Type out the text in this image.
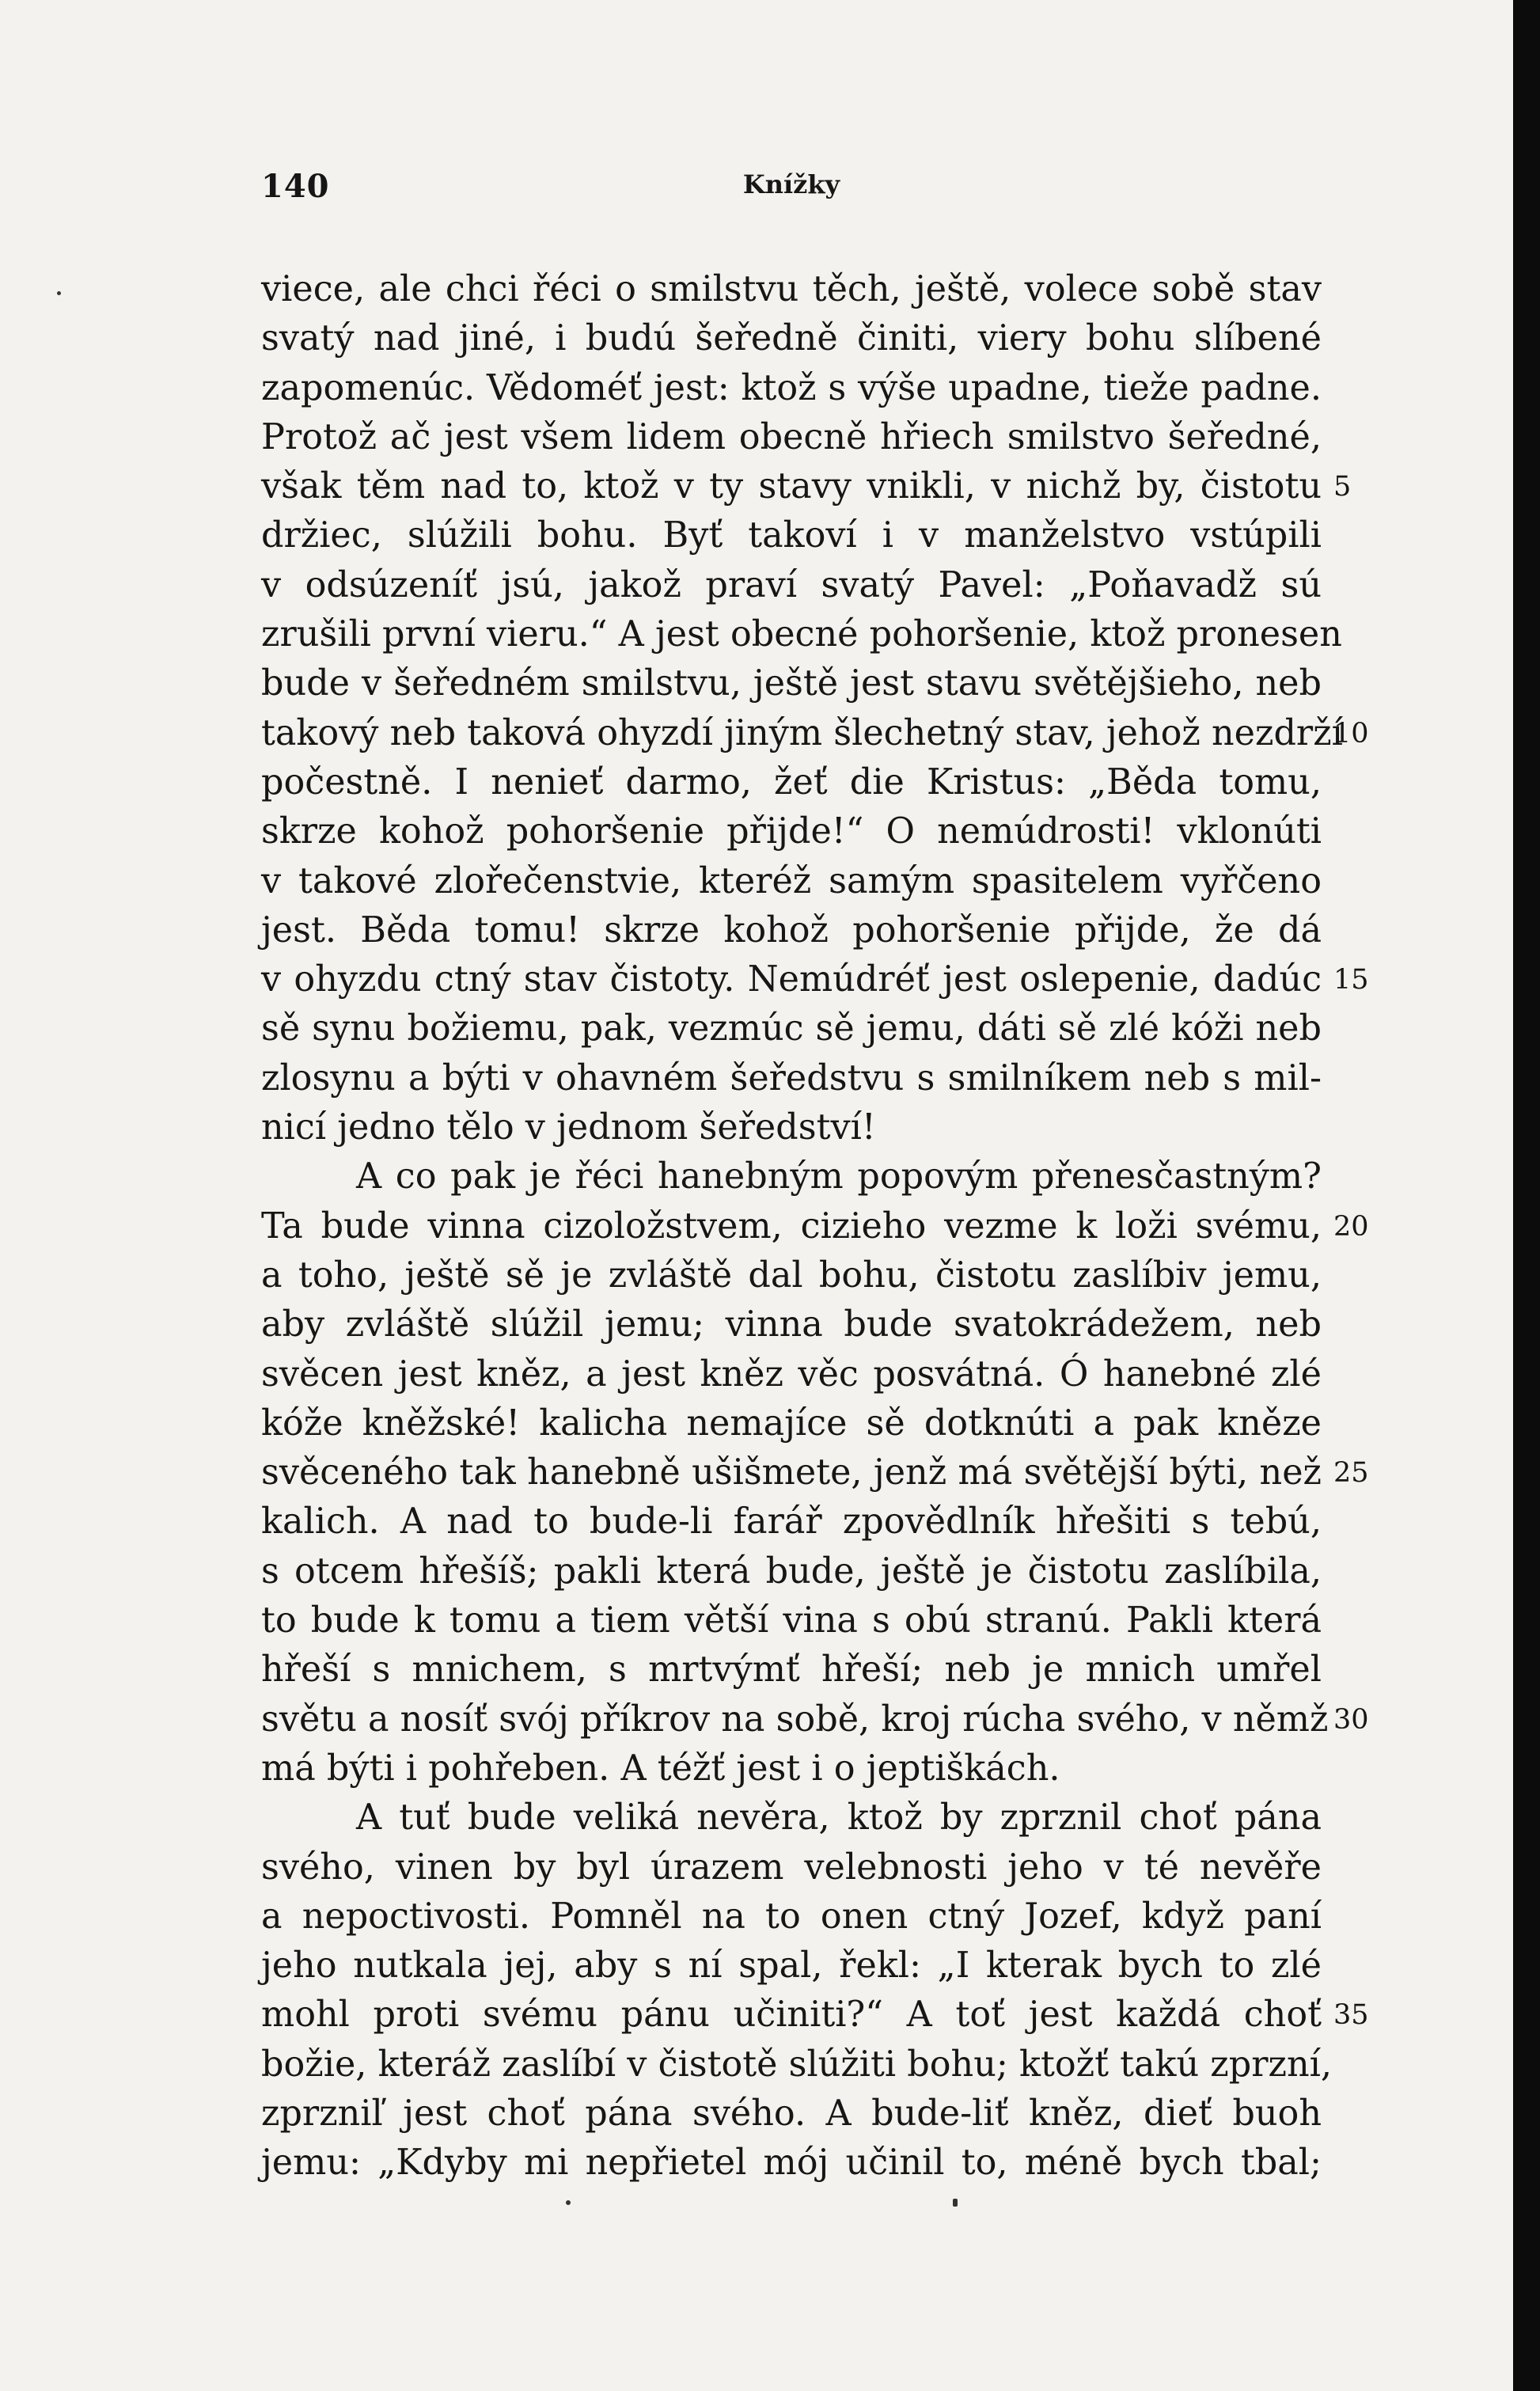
140	Knížky
viece, ale chci řéci o smilstvu těch, ještě, volece sobě stav
svatý nad jiné, i budú šeředně činiti, viery bohu slíbené
zapomenúc. Vědoméť jest: ktož s výše upadne, tieže padne.
Protož ač jest všem lidem obecně hřiech smilstvo šeředné,
však těm nad to, ktož v ty stavy vnikli, v nichž by, čistotu 5
držiec, slúžili bohu. Byť takoví i v manželstvo vstúpili
v odsúzeníť jsú, jakož praví svatý Pavel: „Poňavadž sú
zrušili první vieru.“ A jest obecné pohoršenie, ktož pronesen
bude v šeředném smilstvu, ještě jest stavu světějšieho, neb
takový neb taková ohyzdí jiným šlechetný stav, jehož nezdrží
10
počestně. I nenieť darmo, žeť die Kristus: „Běda tomu,
skrze kohož pohoršenie přijde!“ O nemúdrosti! vklonúti
v takové zlořečenstvie, kteréž samým spasitelem vyřčeno
jest. Běda tomu! skrze kohož pohoršenie přijde, že dá
v ohyzdu ctný stav čistoty. Nemúdréť jest oslepenie, dadúc 15
sě synu božiemu, pak, vezmúc sě jemu, dáti sě zlé kóži neb
zlosynu a býti v ohavném šeředstvu s smilníkem neb s mil-
nicí jedno tělo v jednom šeředství!
A co pak je řéci hanebným popovým přenesčastným?
Ta bude vinna cizoložstvem, cizieho vezme k loži svému, 20
a toho, ještě sě je zvláště dal bohu, čistotu zaslíbiv jemu,
aby zvláště slúžil jemu; vinna bude svatokrádežem, neb
svěcen jest kněz, a jest kněz věc posvátná. Ó hanebné zlé
kóže kněžské! kalicha nemajíce sě dotknúti a pak kněze
svěceného tak hanebně ušišmete, jenž má světější býti, než 25
kalich. A nad to bude-li farář zpovědlník hřešiti s tebú,
s otcem hřešíš; pakli která bude, ještě je čistotu zaslíbila,
to bude k tomu a tiem větší vina s obú stranú. Pakli která
hřeší s mnichem, s mrtvýmť hřeší; neb je mnich umřel
světu a nosíť svój příkrov na sobě, kroj rúcha svého, v němž 30
má býti i pohřeben. A téžť jest i o jeptiškách.
A tuť bude veliká nevěra, ktož by zprznil choť pána
svého, vinen by byl úrazem velebnosti jeho v té nevěře
a nepoctivosti. Pomněl na to onen ctný Jozef, když paní
jeho nutkala jej, aby s ní spal, řekl: „I kterak bych to zlé
mohl proti svému pánu učiniti?“ A toť jest každá choť 35
božie, kteráž zaslíbí v čistotě slúžiti bohu; ktožť takú zprzní,
zprzniľ jest choť pána svého. A bude-liť kněz, dieť buoh
jemu: „Kdyby mi nepřietel mój učinil to, méně bych tbal;
